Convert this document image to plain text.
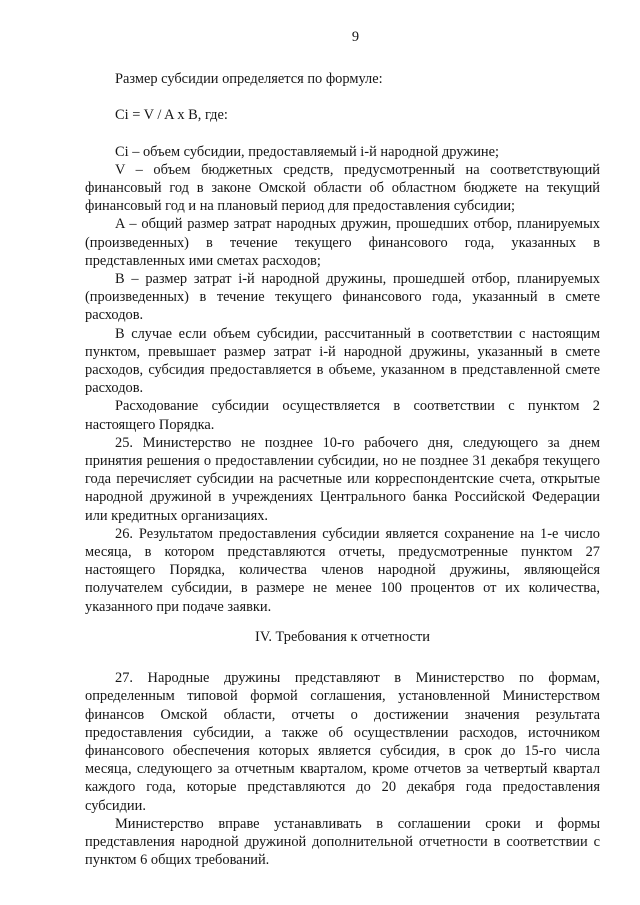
9

Размер субсидии определяется по формуле:

Ci = V / A x B, где:

Ci – объем субсидии, предоставляемый i-й народной дружине;

V – объем бюджетных средств, предусмотренный на соответствующий финансовый год в законе Омской области об областном бюджете на текущий финансовый год и на плановый период для предоставления субсидии;

A – общий размер затрат народных дружин, прошедших отбор, планируемых (произведенных) в течение текущего финансового года, указанных в представленных ими сметах расходов;

B – размер затрат i-й народной дружины, прошедшей отбор, планируемых (произведенных) в течение текущего финансового года, указанный в смете расходов.

В случае если объем субсидии, рассчитанный в соответствии с настоящим пунктом, превышает размер затрат i-й народной дружины, указанный в смете расходов, субсидия предоставляется в объеме, указанном в представленной смете расходов.

Расходование субсидии осуществляется в соответствии с пунктом 2 настоящего Порядка.

25. Министерство не позднее 10-го рабочего дня, следующего за днем принятия решения о предоставлении субсидии, но не позднее 31 декабря текущего года перечисляет субсидии на расчетные или корреспондентские счета, открытые народной дружиной в учреждениях Центрального банка Российской Федерации или кредитных организациях.

26. Результатом предоставления субсидии является сохранение на 1-е число месяца, в котором представляются отчеты, предусмотренные пунктом 27 настоящего Порядка, количества членов народной дружины, являющейся получателем субсидии, в размере не менее 100 процентов от их количества, указанного при подаче заявки.

IV. Требования к отчетности

27. Народные дружины представляют в Министерство по формам, определенным типовой формой соглашения, установленной Министерством финансов Омской области, отчеты о достижении значения результата предоставления субсидии, а также об осуществлении расходов, источником финансового обеспечения которых является субсидия, в срок до 15-го числа месяца, следующего за отчетным кварталом, кроме отчетов за четвертый квартал каждого года, которые представляются до 20 декабря года предоставления субсидии.

Министерство вправе устанавливать в соглашении сроки и формы представления народной дружиной дополнительной отчетности в соответствии с пунктом 6 общих требований.
